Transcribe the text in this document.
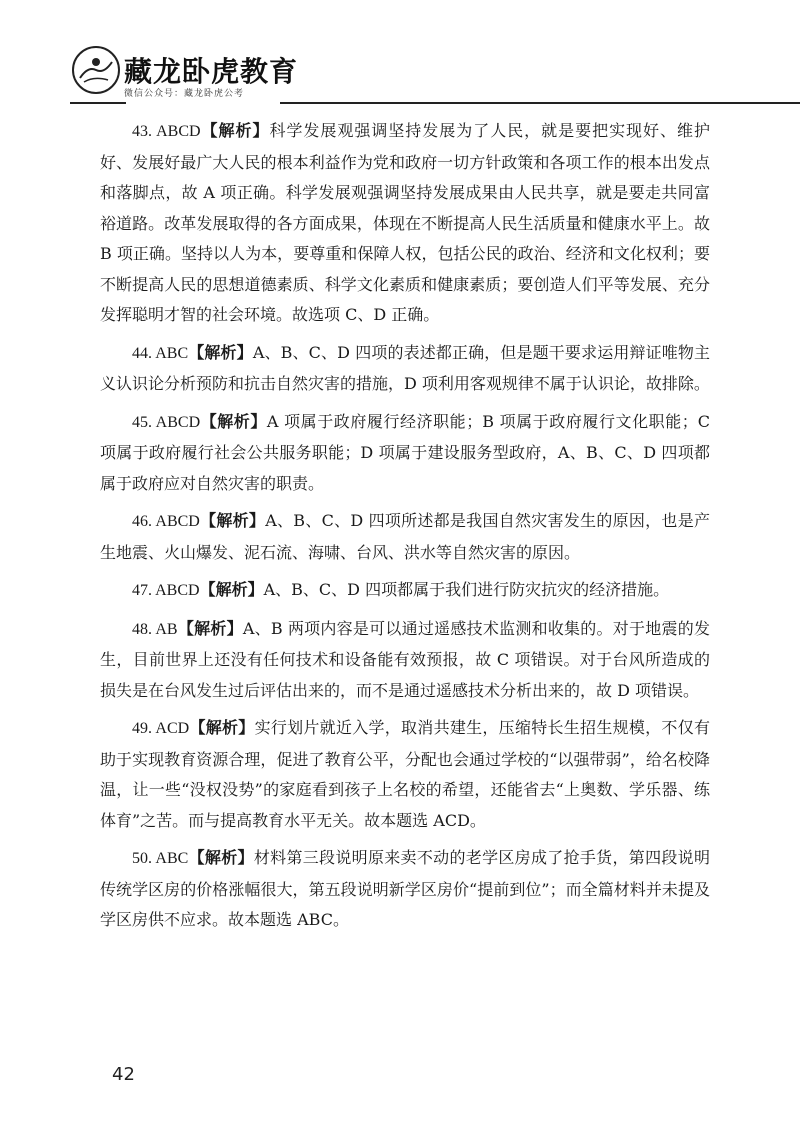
藏龙卧虎教育
微信公众号：藏龙卧虎公考

43. ABCD【解析】科学发展观强调坚持发展为了人民，就是要把实现好、维护好、发展好最广大人民的根本利益作为党和政府一切方针政策和各项工作的根本出发点和落脚点，故 A 项正确。科学发展观强调坚持发展成果由人民共享，就是要走共同富裕道路。改革发展取得的各方面成果，体现在不断提高人民生活质量和健康水平上。故 B 项正确。坚持以人为本，要尊重和保障人权，包括公民的政治、经济和文化权利；要不断提高人民的思想道德素质、科学文化素质和健康素质；要创造人们平等发展、充分发挥聪明才智的社会环境。故选项 C、D 正确。

44. ABC【解析】A、B、C、D 四项的表述都正确，但是题干要求运用辩证唯物主义认识论分析预防和抗击自然灾害的措施，D 项利用客观规律不属于认识论，故排除。

45. ABCD【解析】A 项属于政府履行经济职能；B 项属于政府履行文化职能；C 项属于政府履行社会公共服务职能；D 项属于建设服务型政府，A、B、C、D 四项都属于政府应对自然灾害的职责。

46. ABCD【解析】A、B、C、D 四项所述都是我国自然灾害发生的原因，也是产生地震、火山爆发、泥石流、海啸、台风、洪水等自然灾害的原因。

47. ABCD【解析】A、B、C、D 四项都属于我们进行防灾抗灾的经济措施。

48. AB【解析】A、B 两项内容是可以通过遥感技术监测和收集的。对于地震的发生，目前世界上还没有任何技术和设备能有效预报，故 C 项错误。对于台风所造成的损失是在台风发生过后评估出来的，而不是通过遥感技术分析出来的，故 D 项错误。

49. ACD【解析】实行划片就近入学，取消共建生，压缩特长生招生规模，不仅有助于实现教育资源合理，促进了教育公平，分配也会通过学校的“以强带弱”，给名校降温，让一些“没权没势”的家庭看到孩子上名校的希望，还能省去“上奥数、学乐器、练体育”之苦。而与提高教育水平无关。故本题选 ACD。

50. ABC【解析】材料第三段说明原来卖不动的老学区房成了抢手货，第四段说明传统学区房的价格涨幅很大，第五段说明新学区房价“提前到位”；而全篇材料并未提及学区房供不应求。故本题选 ABC。

42
